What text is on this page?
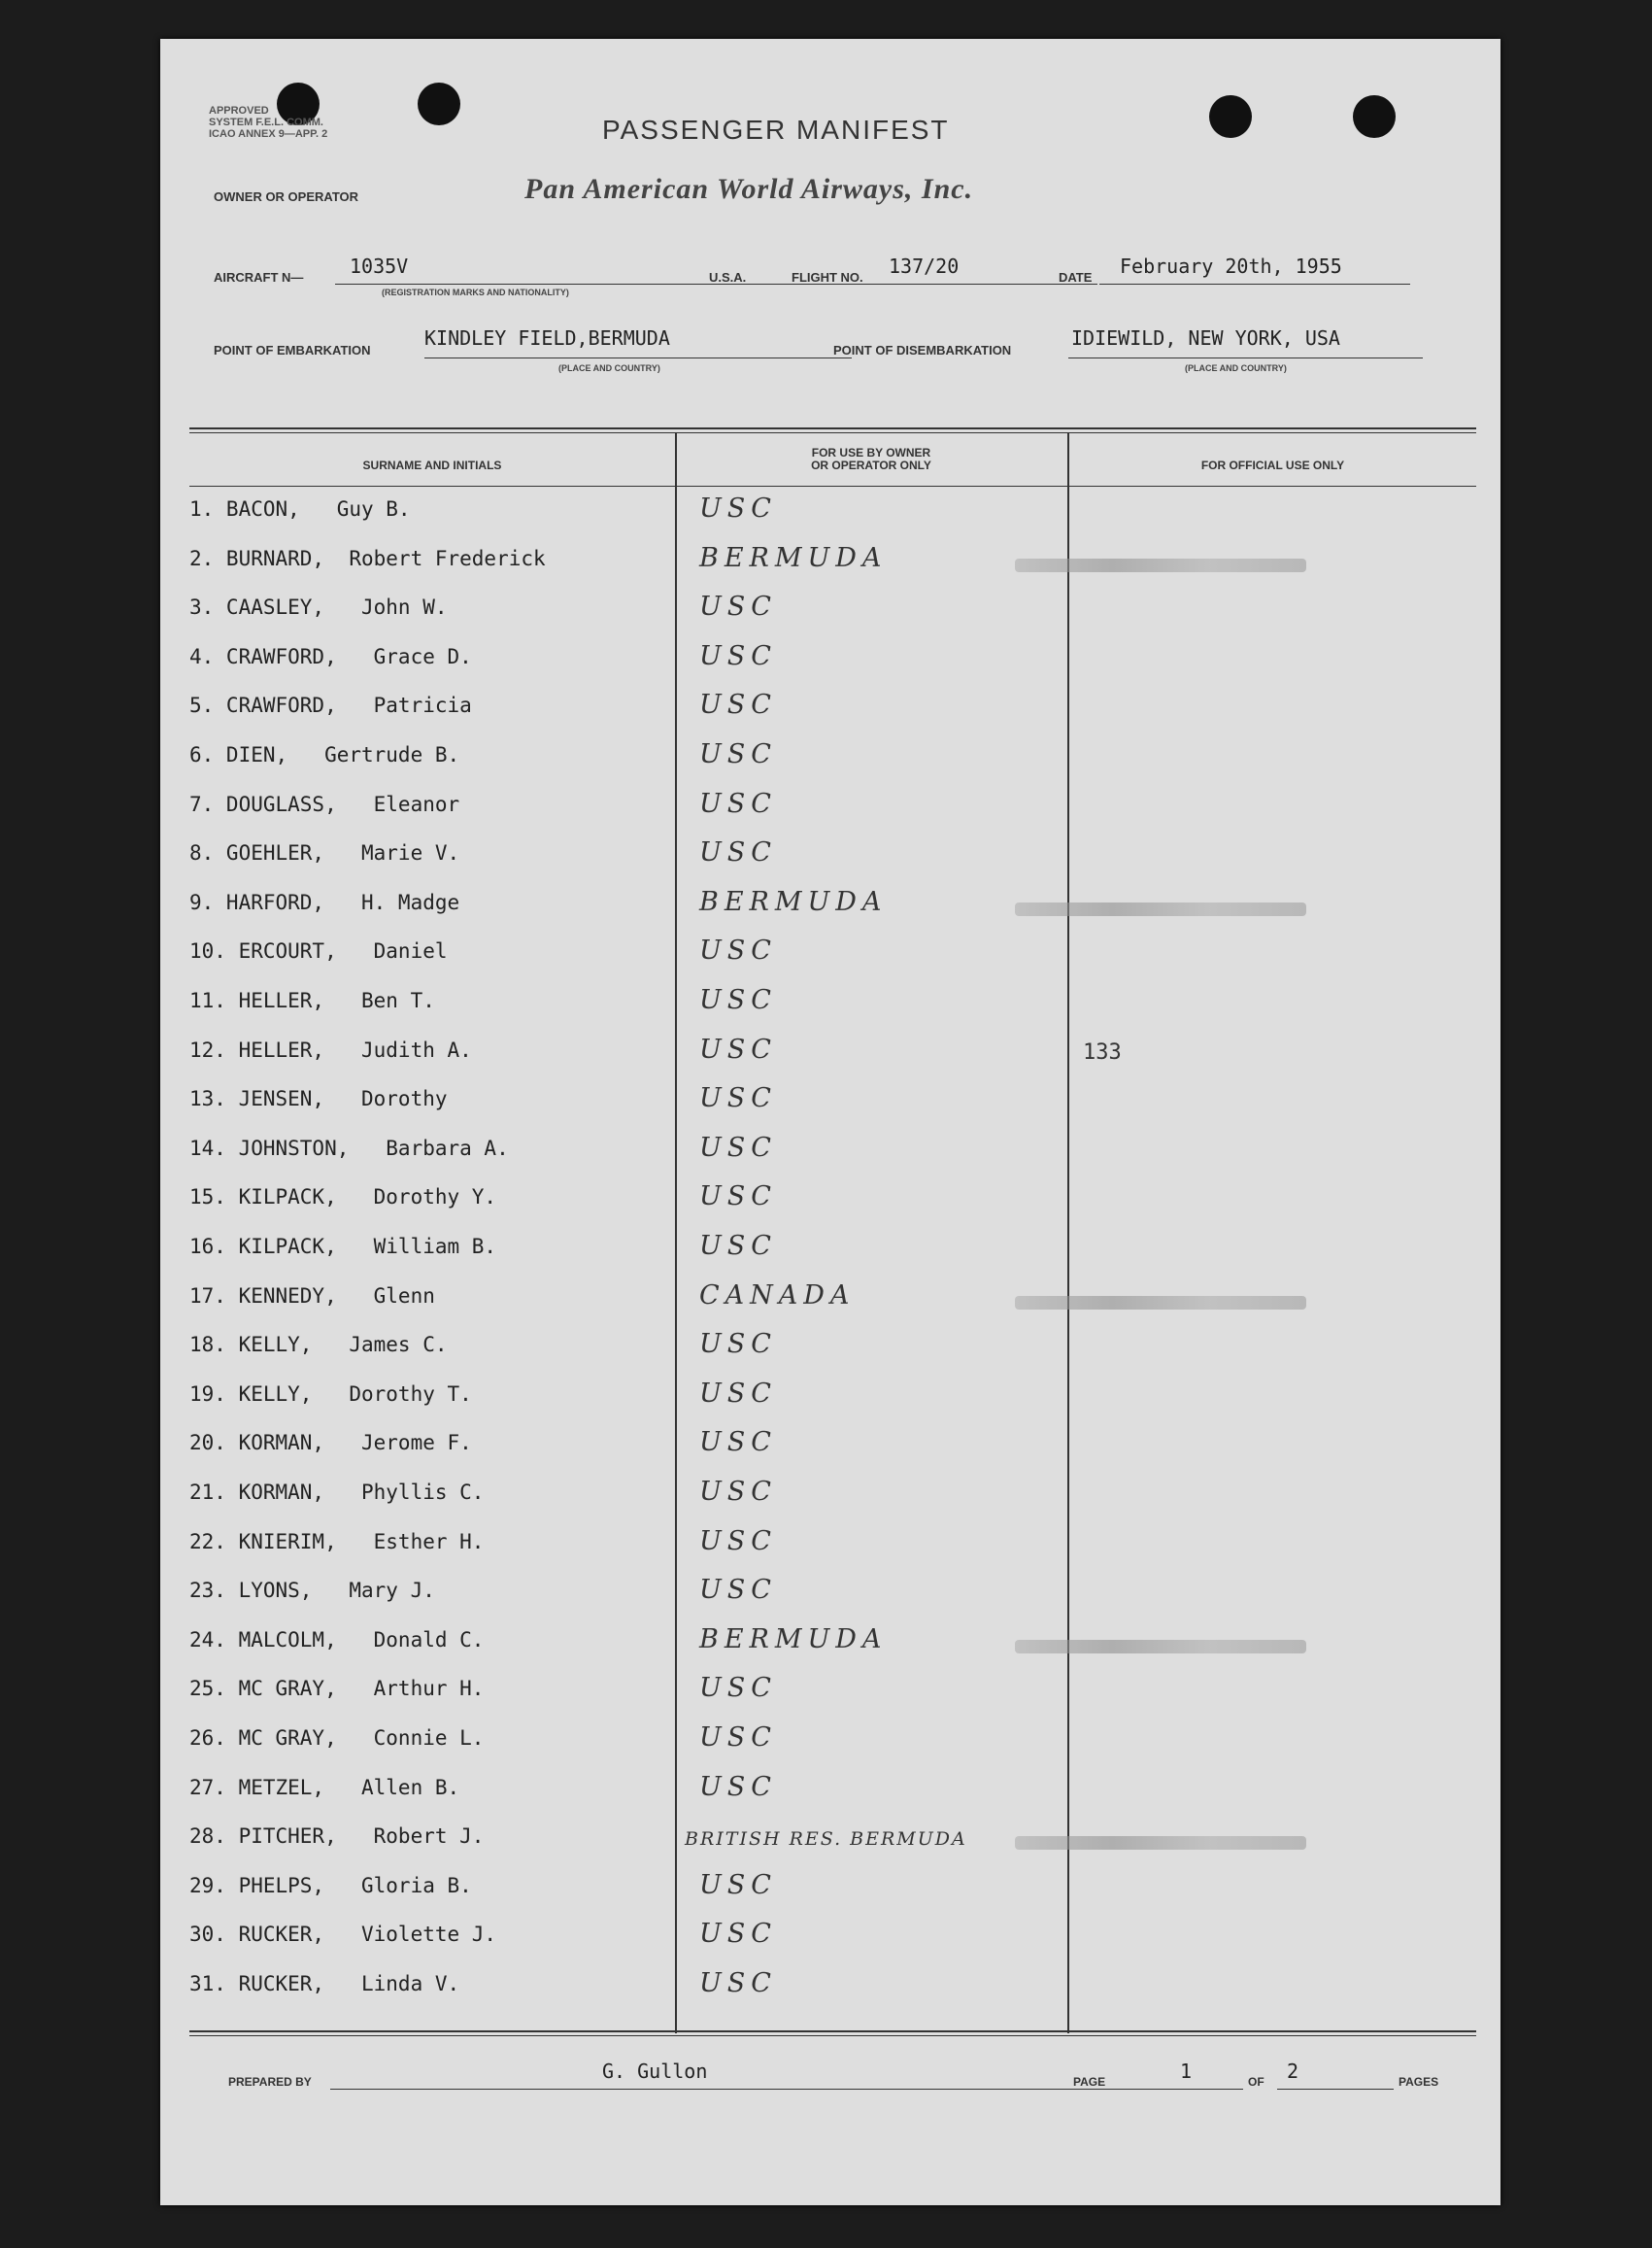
APPROVED
SYSTEM F.E.L. COMM.
ICAO ANNEX 9—APP. 2	PASSENGER MANIFEST
OWNER OR OPERATOR	Pan American World Airways, Inc.
AIRCRAFT N— 1035V
(REGISTRATION MARKS AND NATIONALITY)
U.S.A.	FLIGHT NO. 137/20	DATE February 20th, 1955
POINT OF EMBARKATION
KINDLEY FIELD,BERMUDA
(PLACE AND COUNTRY)
POINT OF DISEMBARKATION
IDIEWILD, NEW YORK, USA
(PLACE AND COUNTRY)
SURNAME AND INITIALS
FOR USE BY OWNER
OR OPERATOR ONLY	FOR OFFICIAL USE ONLY
1. BACON,   Guy B.	USC
2. BURNARD,  Robert Frederick	BERMUDA
3. CAASLEY,   John W.	USC
4. CRAWFORD,   Grace D.	USC
5. CRAWFORD,   Patricia	USC
6. DIEN,   Gertrude B.	USC
7. DOUGLASS,   Eleanor	USC
8. GOEHLER,   Marie V.	USC
9. HARFORD,   H. Madge	BERMUDA
10. ERCOURT,   Daniel	USC
11. HELLER,   Ben T.	USC
12. HELLER,   Judith A.	USC	133
13. JENSEN,   Dorothy	USC
14. JOHNSTON,   Barbara A.	USC
15. KILPACK,   Dorothy Y.	USC
16. KILPACK,   William B.	USC
17. KENNEDY,   Glenn	CANADA
18. KELLY,   James C.	USC
19. KELLY,   Dorothy T.	USC
20. KORMAN,   Jerome F.	USC
21. KORMAN,   Phyllis C.	USC
22. KNIERIM,   Esther H.	USC
23. LYONS,   Mary J.	USC
24. MALCOLM,   Donald C.	BERMUDA
25. MC GRAY,   Arthur H.	USC
26. MC GRAY,   Connie L.	USC
27. METZEL,   Allen B.	USC
28. PITCHER,   Robert J.	BRITISH RES. BERMUDA
29. PHELPS,   Gloria B.	USC
30. RUCKER,   Violette J.	USC
31. RUCKER,   Linda V.	USC
PREPARED BY	G. Gullon	PAGE	1	OF 2	PAGES
